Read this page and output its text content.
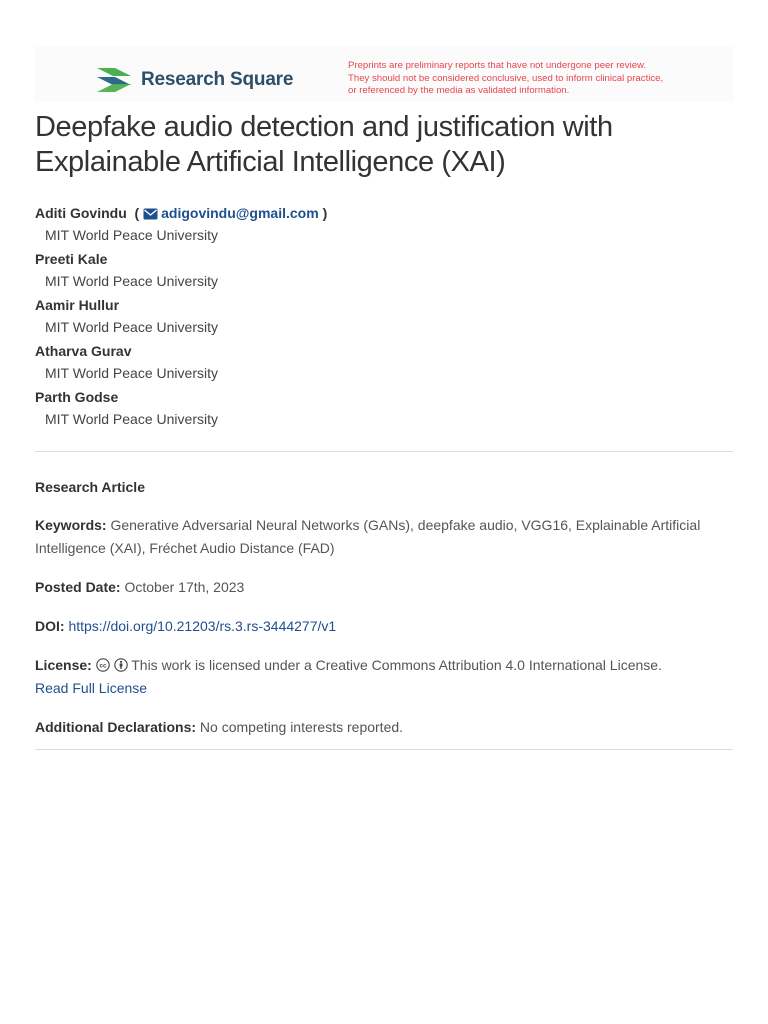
Research Square
Preprints are preliminary reports that have not undergone peer review.
They should not be considered conclusive, used to inform clinical practice,
or referenced by the media as validated information.
Deepfake audio detection and justification with Explainable Artificial Intelligence (XAI)
Aditi Govindu ( adigovindu@gmail.com )
MIT World Peace University
Preeti Kale
MIT World Peace University
Aamir Hullur
MIT World Peace University
Atharva Gurav
MIT World Peace University
Parth Godse
MIT World Peace University
Research Article
Keywords: Generative Adversarial Neural Networks (GANs), deepfake audio, VGG16, Explainable Artificial Intelligence (XAI), Fréchet Audio Distance (FAD)
Posted Date: October 17th, 2023
DOI: https://doi.org/10.21203/rs.3.rs-3444277/v1
License: cc This work is licensed under a Creative Commons Attribution 4.0 International License.
Read Full License
Additional Declarations: No competing interests reported.
